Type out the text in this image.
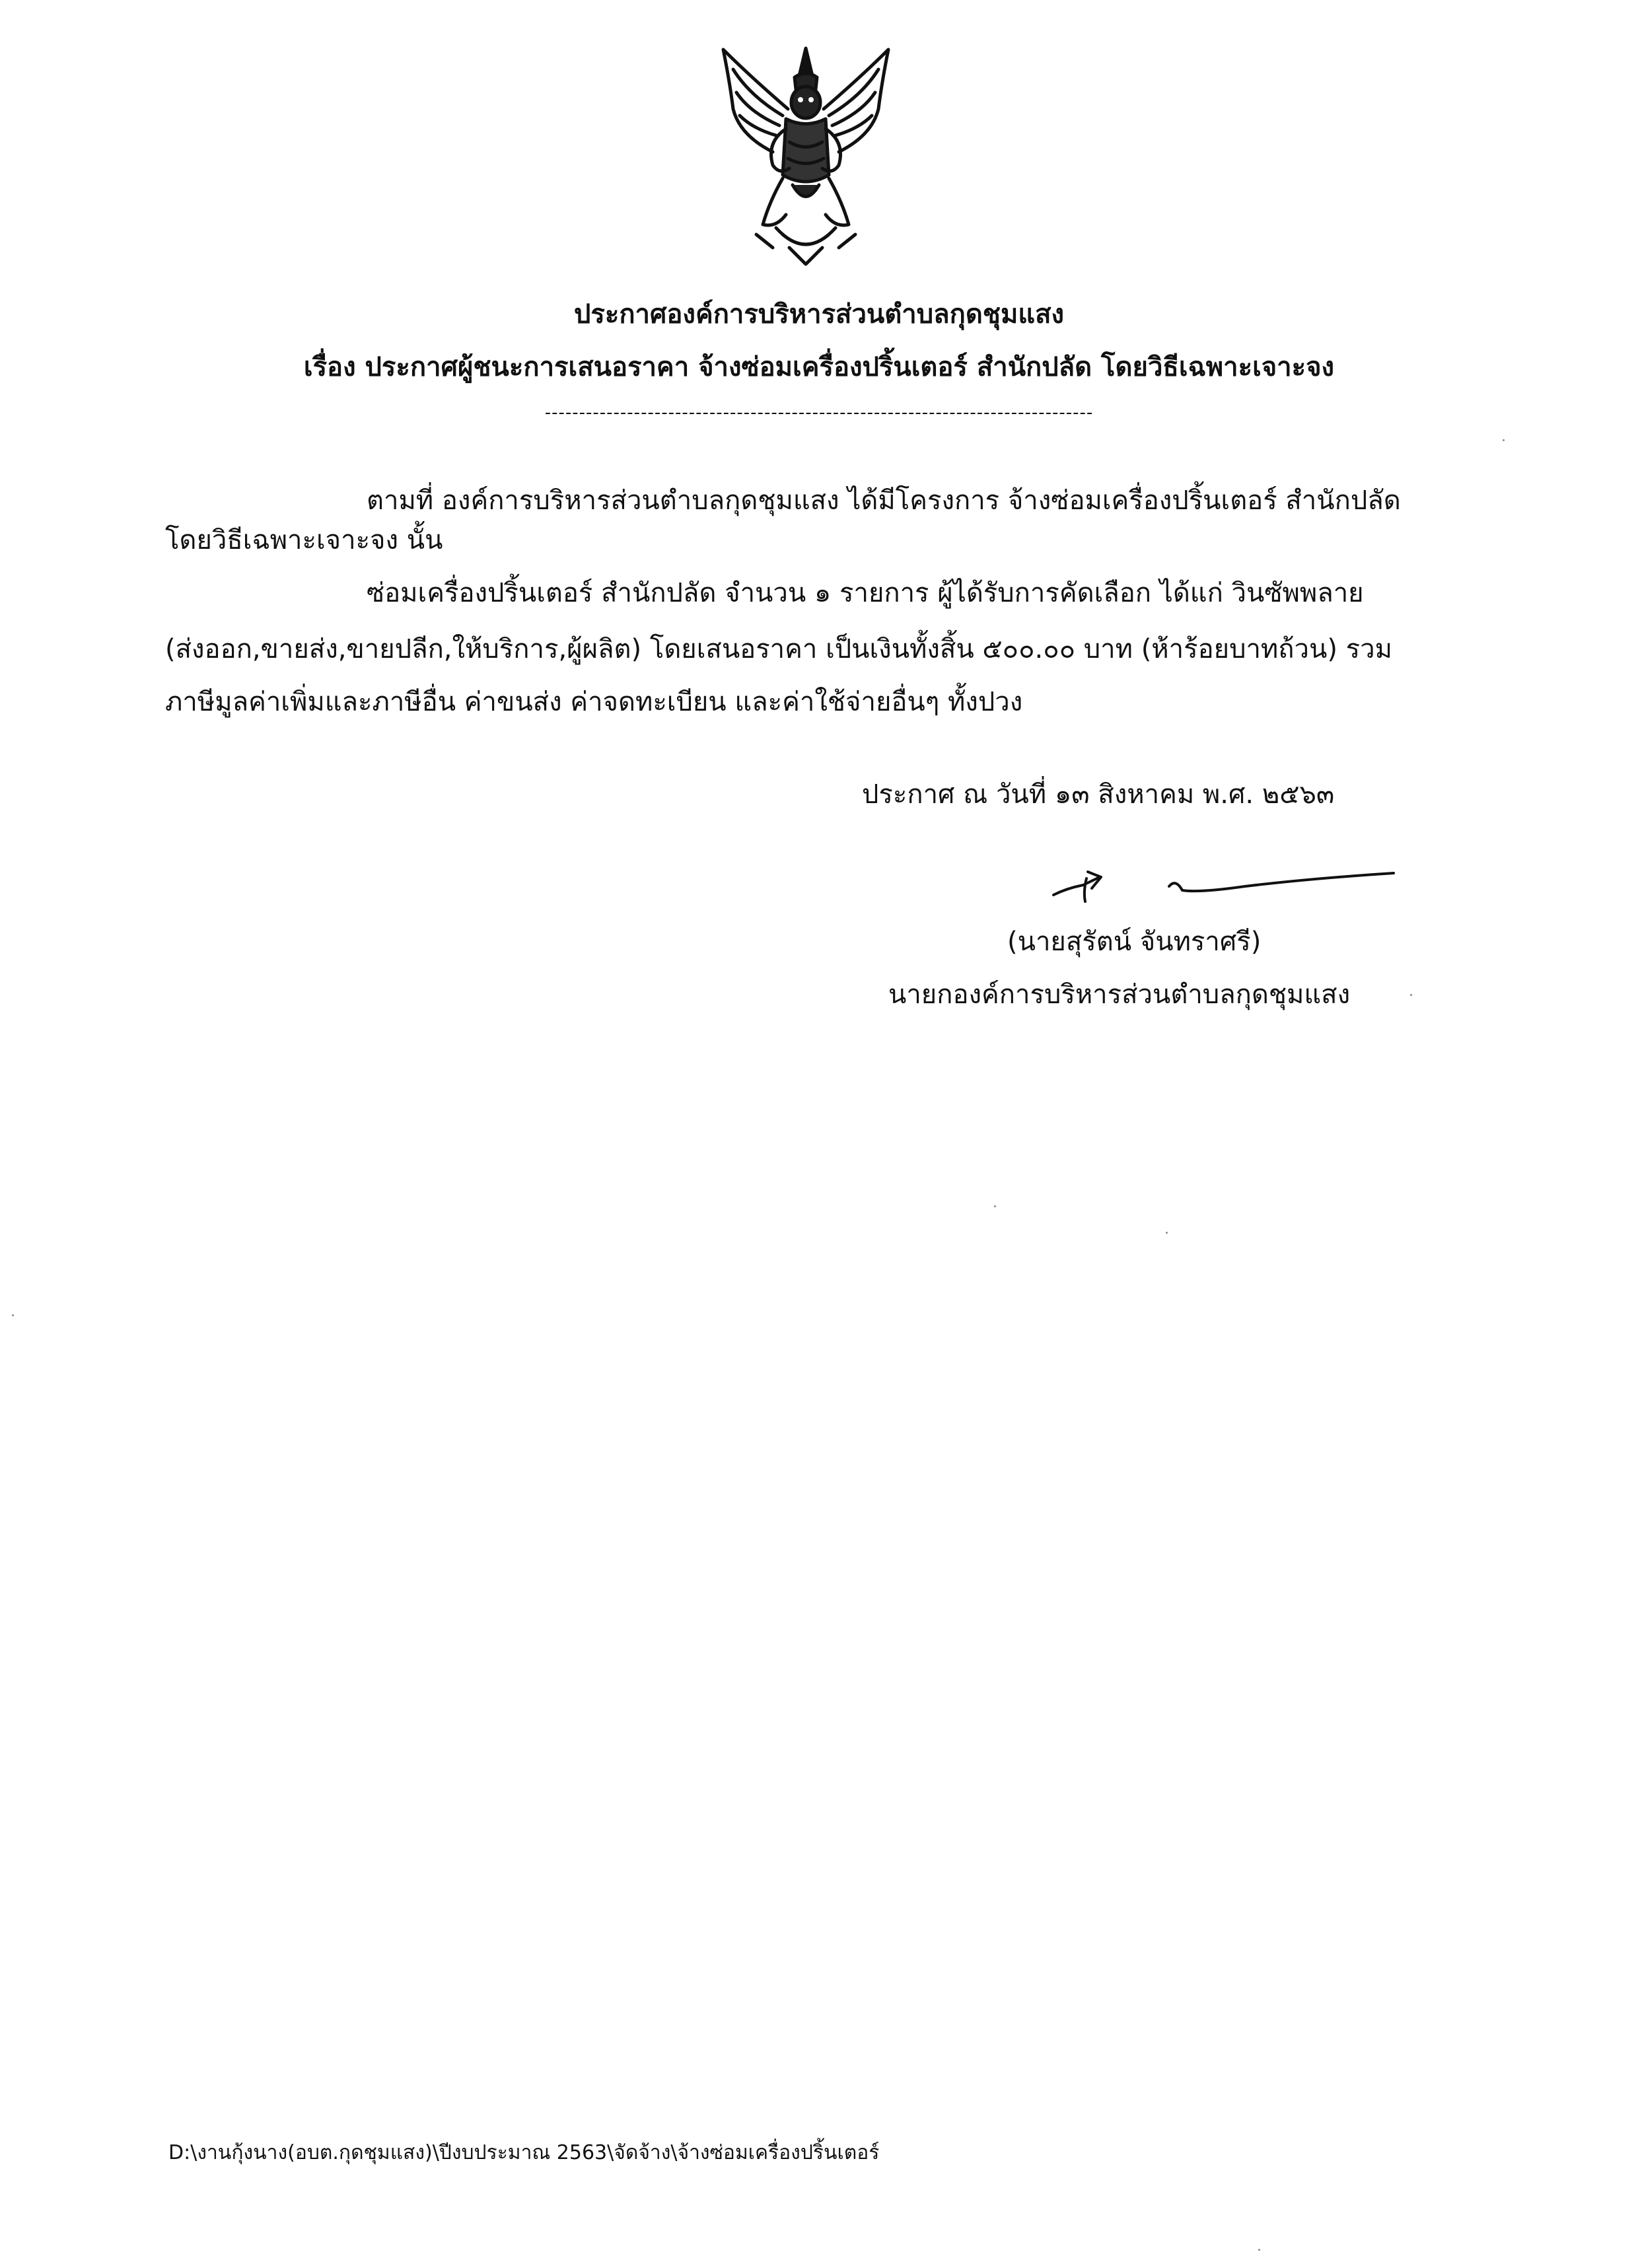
ประกาศองค์การบริหารส่วนตำบลกุดชุมแสง
เรื่อง ประกาศผู้ชนะการเสนอราคา จ้างซ่อมเครื่องปริ้นเตอร์ สำนักปลัด โดยวิธีเฉพาะเจาะจง
--------------------------------------------------------------------------------
ตามที่ องค์การบริหารส่วนตำบลกุดชุมแสง ได้มีโครงการ จ้างซ่อมเครื่องปริ้นเตอร์ สำนักปลัด
โดยวิธีเฉพาะเจาะจง นั้น
ซ่อมเครื่องปริ้นเตอร์ สำนักปลัด จำนวน ๑ รายการ ผู้ได้รับการคัดเลือก ได้แก่ วินซัพพลาย
(ส่งออก,ขายส่ง,ขายปลีก,ให้บริการ,ผู้ผลิต) โดยเสนอราคา เป็นเงินทั้งสิ้น ๕๐๐.๐๐ บาท (ห้าร้อยบาทถ้วน) รวม
ภาษีมูลค่าเพิ่มและภาษีอื่น ค่าขนส่ง ค่าจดทะเบียน และค่าใช้จ่ายอื่นๆ ทั้งปวง
ประกาศ ณ วันที่ ๑๓ สิงหาคม พ.ศ. ๒๕๖๓
(นายสุรัตน์ จันทราศรี)
นายกองค์การบริหารส่วนตำบลกุดชุมแสง
D:\งานกุ้งนาง(อบต.กุดชุมแสง)\ปีงบประมาณ 2563\จัดจ้าง\จ้างซ่อมเครื่องปริ้นเตอร์
